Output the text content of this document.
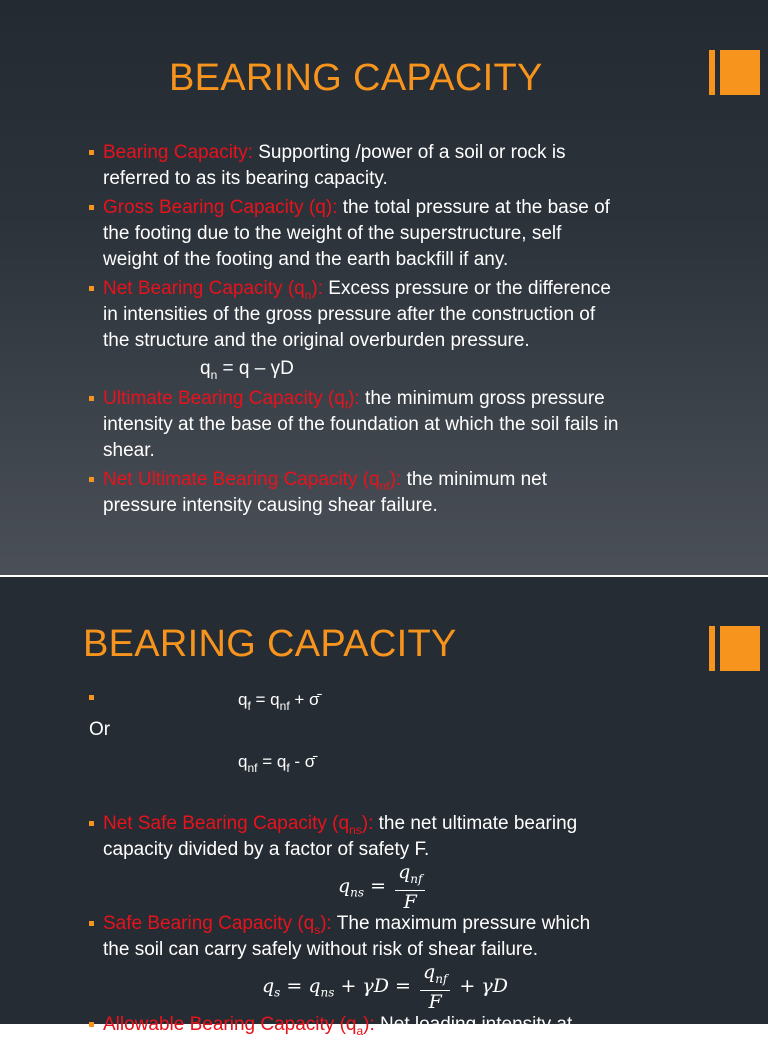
BEARING CAPACITY

Bearing Capacity: Supporting /power of a soil or rock is

referred to as its bearing capacity.

Gross Bearing Capacity (q): the total pressure at the base of

the footing due to the weight of the superstructure, self

weight of the footing and the earth backfill if any.

Net Bearing Capacity $(q_n)$: Excess pressure or the difference

in intensities of the gross pressure after the construction of

the structure and the original overburden pressure.

$q_n = q - \gamma D$

Ultimate Bearing Capacity $(q_f)$: the minimum gross pressure

intensity at the base of the foundation at which the soil fails in

shear.

Net Ultimate Bearing Capacity $(q_{nf})$: the minimum net

pressure intensity causing shear failure.

BEARING CAPACITY
$q_f = q_{nf}$ + σ̄
Or
$q_{nf} = q_f$ - σ̄

Net Safe Bearing Capacity $(q_{ns})$: the net ultimate bearing

capacity divided by a factor of safety F.

$q_{ns} = \frac{q_{nf}}{F}$

Safe Bearing Capacity $(q_s)$: The maximum pressure which

the soil can carry safely without risk of shear failure.

$q_s = q_{ns} + \gamma D = \frac{q_{nf}}{F} + \gamma D$

Allowable Bearing Capacity $(q_a)$: Net loading intensity at
